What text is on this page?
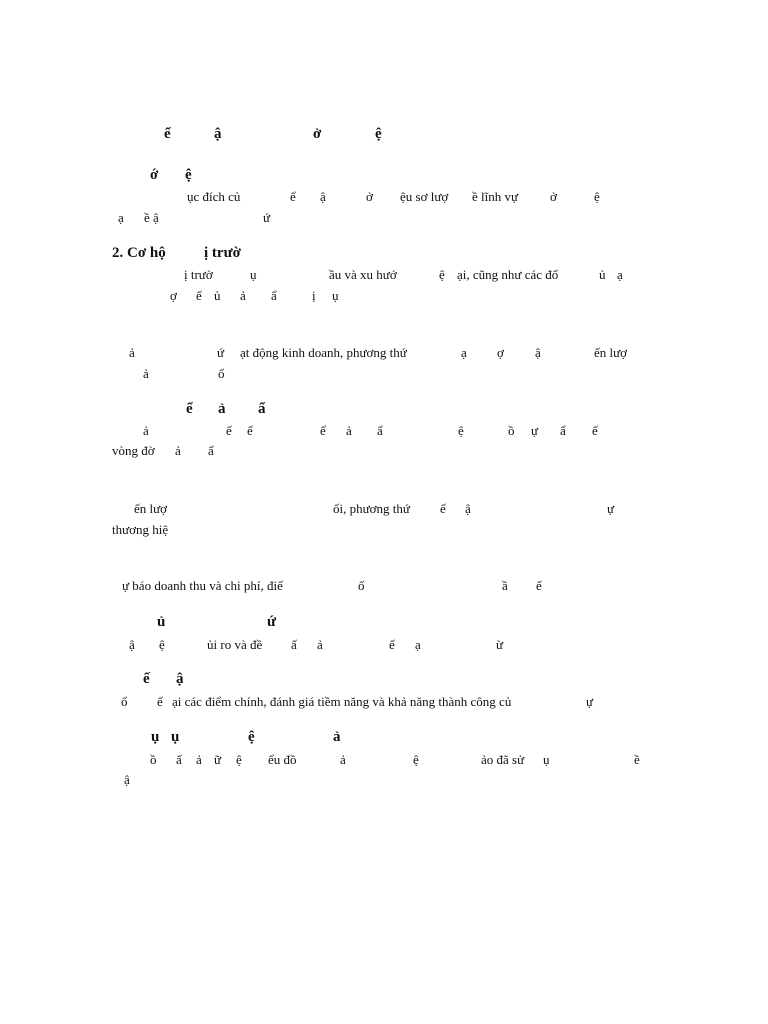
ể	ậ	ở	ệ
ớ ệ
ục đích củ	ể ậ	ở ệu sơ lượ ề lĩnh vự ở	ệ
ạ ề ậ	ứ
2. Cơ hộ	ị trườ
ị trườ	ụ	ầu và xu hướ	ệ ại, cũng như các đố	ủ ạ
ợ ế ủ ả ẩ	ị ụ
ả	ứ ạt động kinh doanh, phương thứ	ạ ợ ậ	ến lượ
ả	ố
ể ả ẩ
ả	ế ế	ể ả ẩ	ệ	ồ ự ẩ ế
vòng đờ ả ẩ
ến lượ	ối, phương thứ ế ậ	ự
thương hiệ
ự báo doanh thu và chi phí, điể	ố	ầ ế
ủ	ứ
ậ ệ	ủi ro và đề ấ ả	ế ạ	ừ
ế ậ
ổ ế ại các điểm chính, đánh giá tiềm năng và khả năng thành công củ	ự
ụ ụ	ệ	ả
ồ ấ ả ữ ệ ểu đồ	ả	ệ	ảo đã sử ụ	ề
ậ
